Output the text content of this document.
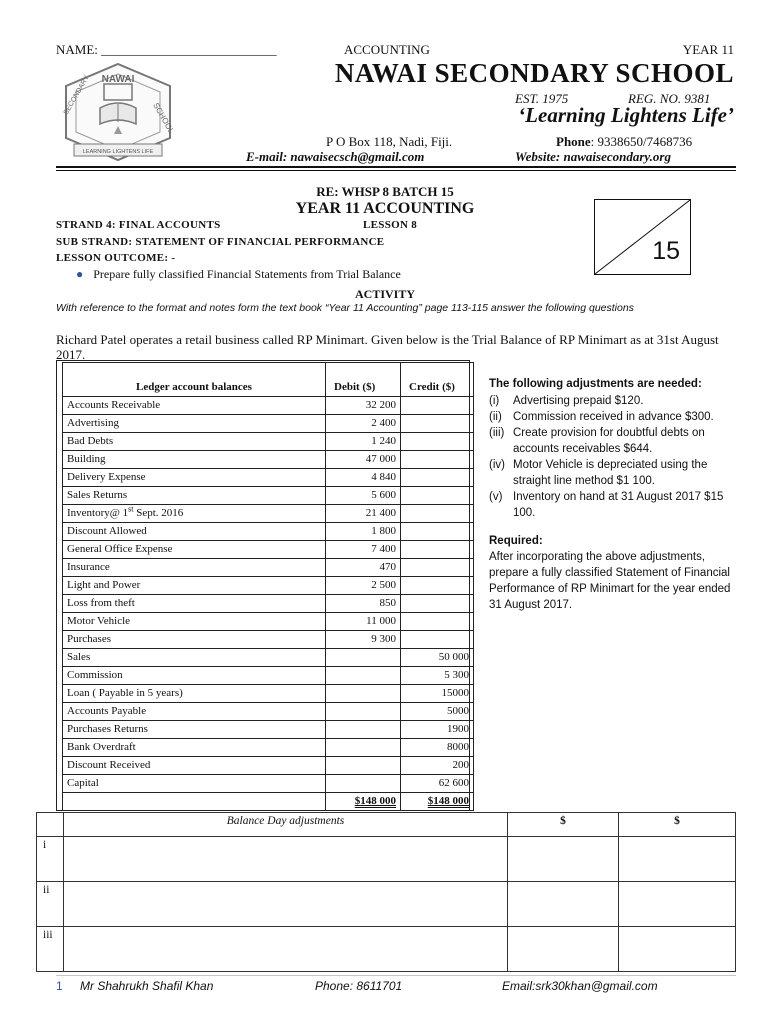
NAME: ___________________________	ACCOUNTING	YEAR 11
NAWAI
SECONDARY
SCHOOL
LEARNING LIGHTENS LIFE
NAWAI SECONDARY SCHOOL
EST. 1975	REG. NO. 9381
‘Learning Lightens Life’
P O Box 118, Nadi, Fiji.	Phone: 9338650/7468736
E-mail: nawaisecsch@gmail.com	Website: nawaisecondary.org
RE: WHSP 8 BATCH 15
YEAR 11 ACCOUNTING
STRAND 4: FINAL ACCOUNTS	LESSON 8
SUB STRAND: STATEMENT OF FINANCIAL PERFORMANCE
LESSON OUTCOME: -
● Prepare fully classified Financial Statements from Trial Balance
ACTIVITY
With reference to the format and notes form the text book “Year 11 Accounting” page 113-115 answer the following questions
15
Richard Patel operates a retail business called RP Minimart. Given below is the Trial Balance of RP Minimart as at 31st August 2017.
Ledger account balances	Debit ($)	Credit ($)
Accounts Receivable	32 200	
Advertising	2 400	
Bad Debts	1 240	
Building	47 000	
Delivery Expense	4 840	
Sales Returns	5 600	
Inventory@ 1st Sept. 2016	21 400	
Discount Allowed	1 800	
General Office Expense	7 400	
Insurance	470	
Light and Power	2 500	
Loss from theft	850	
Motor Vehicle	11 000	
Purchases	9 300	
Sales		50 000
Commission		5 300
Loan ( Payable in 5 years)		15000
Accounts Payable		5000
Purchases Returns		1900
Bank Overdraft		8000
Discount Received		200
Capital		62 600
	$148 000	$148 000
The following adjustments are needed:
(i) Advertising prepaid $120.
(ii) Commission received in advance $300.
(iii) Create provision for doubtful debts on accounts receivables $644.
(iv) Motor Vehicle is depreciated using the straight line method $1 100.
(v) Inventory on hand at 31 August 2017 $15 100.
Required:
After incorporating the above adjustments, prepare a fully classified Statement of Financial Performance of RP Minimart for the year ended 31 August 2017.
	Balance Day adjustments	$	$
i			
ii			
iii			
1 Mr Shahrukh Shafil Khan	Phone: 8611701	Email:srk30khan@gmail.com
